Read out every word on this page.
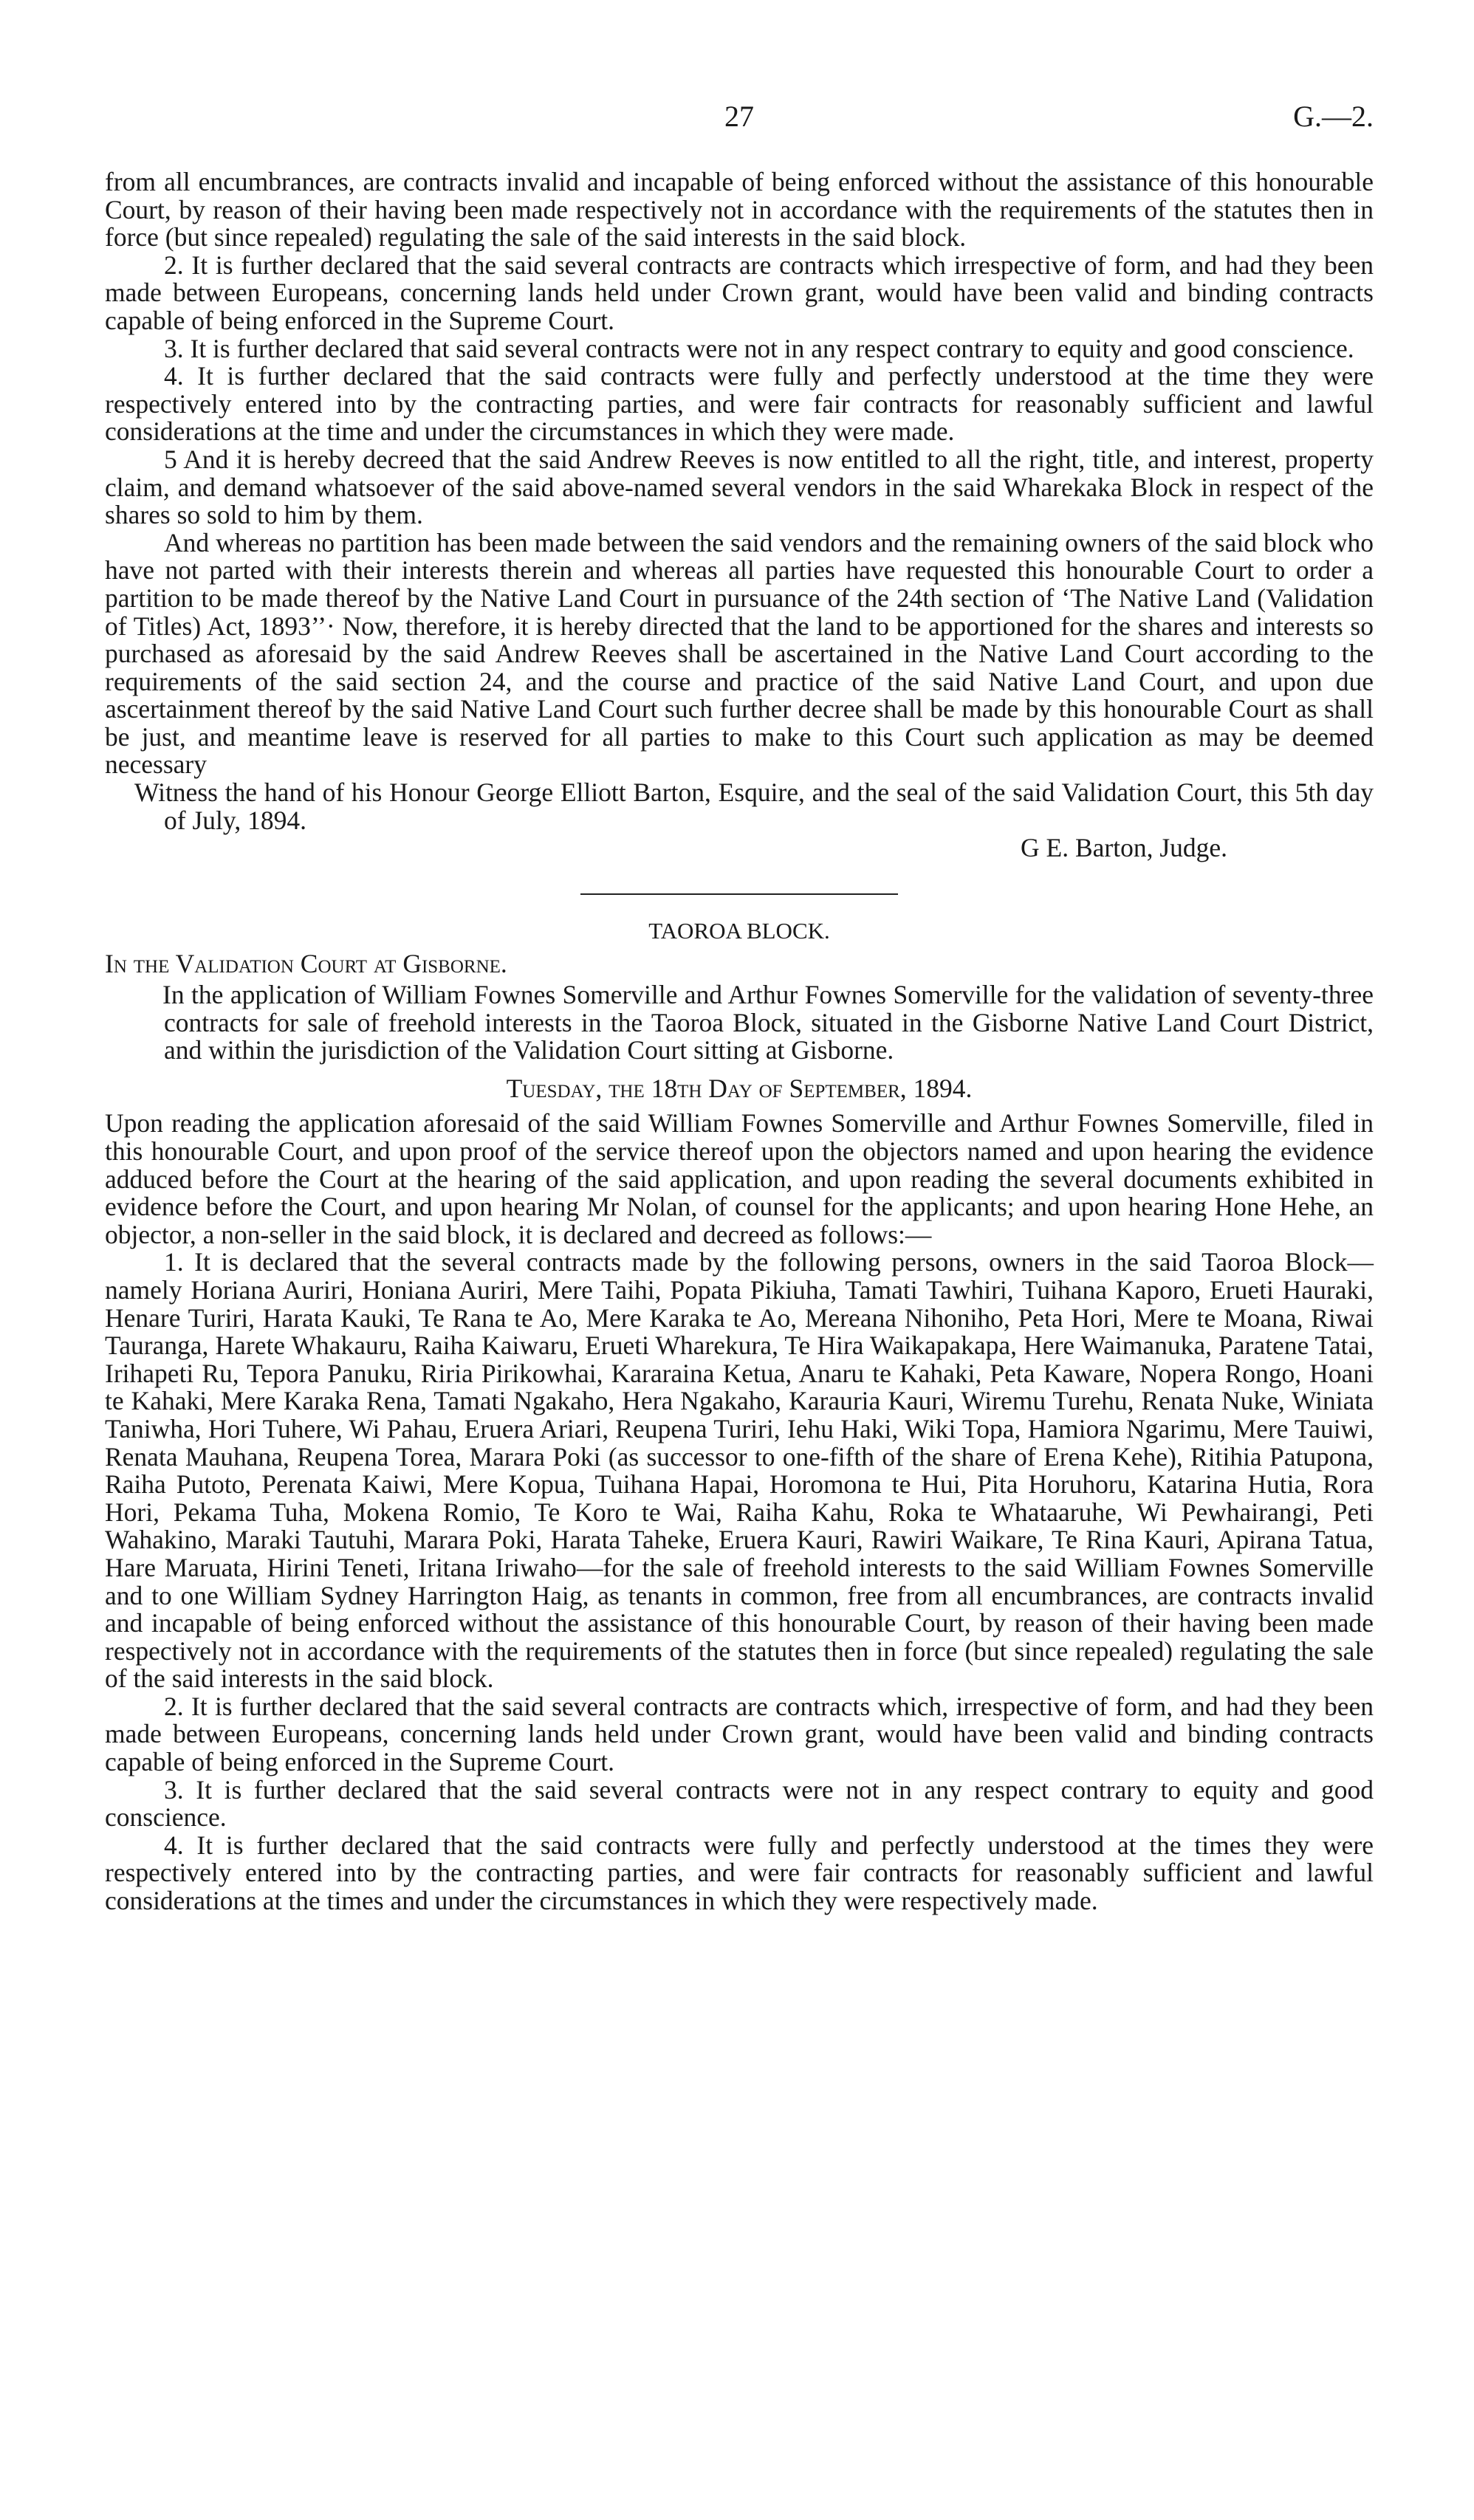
27	G.—2.

from all encumbrances, are contracts invalid and incapable of being enforced without the assistance of this honourable Court, by reason of their having been made respectively not in accordance with the requirements of the statutes then in force (but since repealed) regulating the sale of the said interests in the said block.

2. It is further declared that the said several contracts are contracts which irrespective of form, and had they been made between Europeans, concerning lands held under Crown grant, would have been valid and binding contracts capable of being enforced in the Supreme Court.

3. It is further declared that said several contracts were not in any respect contrary to equity and good conscience.

4. It is further declared that the said contracts were fully and perfectly understood at the time they were respectively entered into by the contracting parties, and were fair contracts for reasonably sufficient and lawful considerations at the time and under the circumstances in which they were made.

5 And it is hereby decreed that the said Andrew Reeves is now entitled to all the right, title, and interest, property claim, and demand whatsoever of the said above-named several vendors in the said Wharekaka Block in respect of the shares so sold to him by them.

And whereas no partition has been made between the said vendors and the remaining owners of the said block who have not parted with their interests therein and whereas all parties have requested this honourable Court to order a partition to be made thereof by the Native Land Court in pursuance of the 24th section of ‘The Native Land (Validation of Titles) Act, 1893’’· Now, therefore, it is hereby directed that the land to be apportioned for the shares and interests so purchased as aforesaid by the said Andrew Reeves shall be ascertained in the Native Land Court according to the requirements of the said section 24, and the course and practice of the said Native Land Court, and upon due ascertainment thereof by the said Native Land Court such further decree shall be made by this honourable Court as shall be just, and meantime leave is reserved for all parties to make to this Court such application as may be deemed necessary

Witness the hand of his Honour George Elliott Barton, Esquire, and the seal of the said Validation Court, this 5th day of July, 1894.

G E. Barton, Judge.

TAOROA BLOCK.

In the Validation Court at Gisborne.

In the application of William Fownes Somerville and Arthur Fownes Somerville for the validation of seventy-three contracts for sale of freehold interests in the Taoroa Block, situated in the Gisborne Native Land Court District, and within the jurisdiction of the Validation Court sitting at Gisborne.

Tuesday, the 18th Day of September, 1894.

Upon reading the application aforesaid of the said William Fownes Somerville and Arthur Fownes Somerville, filed in this honourable Court, and upon proof of the service thereof upon the objectors named and upon hearing the evidence adduced before the Court at the hearing of the said application, and upon reading the several documents exhibited in evidence before the Court, and upon hearing Mr Nolan, of counsel for the applicants; and upon hearing Hone Hehe, an objector, a non-seller in the said block, it is declared and decreed as follows:—

1. It is declared that the several contracts made by the following persons, owners in the said Taoroa Block—namely Horiana Auriri, Honiana Auriri, Mere Taihi, Popata Pikiuha, Tamati Tawhiri, Tuihana Kaporo, Erueti Hauraki, Henare Turiri, Harata Kauki, Te Rana te Ao, Mere Karaka te Ao, Mereana Nihoniho, Peta Hori, Mere te Moana, Riwai Tauranga, Harete Whakauru, Raiha Kaiwaru, Erueti Wharekura, Te Hira Waikapakapa, Here Waimanuka, Paratene Tatai, Irihapeti Ru, Tepora Panuku, Riria Pirikowhai, Kararaina Ketua, Anaru te Kahaki, Peta Kaware, Nopera Rongo, Hoani te Kahaki, Mere Karaka Rena, Tamati Ngakaho, Hera Ngakaho, Karauria Kauri, Wiremu Turehu, Renata Nuke, Winiata Taniwha, Hori Tuhere, Wi Pahau, Eruera Ariari, Reupena Turiri, Iehu Haki, Wiki Topa, Hamiora Ngarimu, Mere Tauiwi, Renata Mauhana, Reupena Torea, Marara Poki (as successor to one-fifth of the share of Erena Kehe), Ritihia Patupona, Raiha Putoto, Perenata Kaiwi, Mere Kopua, Tuihana Hapai, Horomona te Hui, Pita Horuhoru, Katarina Hutia, Rora Hori, Pekama Tuha, Mokena Romio, Te Koro te Wai, Raiha Kahu, Roka te Whataaruhe, Wi Pewhairangi, Peti Wahakino, Maraki Tautuhi, Marara Poki, Harata Taheke, Eruera Kauri, Rawiri Waikare, Te Rina Kauri, Apirana Tatua, Hare Maruata, Hirini Teneti, Iritana Iriwaho—for the sale of freehold interests to the said William Fownes Somerville and to one William Sydney Harrington Haig, as tenants in common, free from all encumbrances, are contracts invalid and incapable of being enforced without the assistance of this honourable Court, by reason of their having been made respectively not in accordance with the requirements of the statutes then in force (but since repealed) regulating the sale of the said interests in the said block.

2. It is further declared that the said several contracts are contracts which, irrespective of form, and had they been made between Europeans, concerning lands held under Crown grant, would have been valid and binding contracts capable of being enforced in the Supreme Court.

3. It is further declared that the said several contracts were not in any respect contrary to equity and good conscience.

4. It is further declared that the said contracts were fully and perfectly understood at the times they were respectively entered into by the contracting parties, and were fair contracts for reasonably sufficient and lawful considerations at the times and under the circumstances in which they were respectively made.
